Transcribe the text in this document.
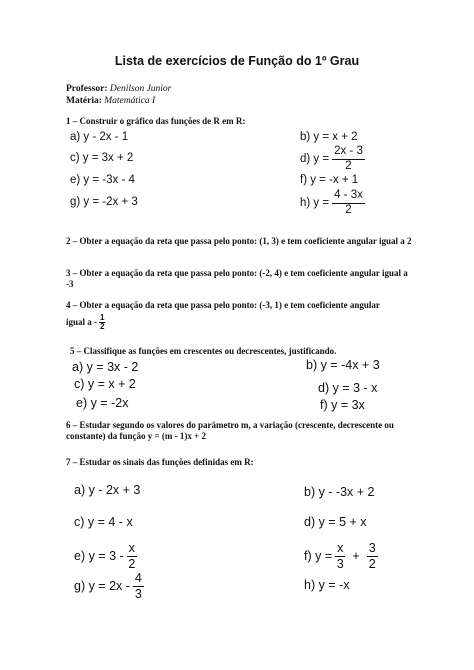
Lista de exercícios de Função do 1º Grau
Professor: Denilson Junior
Matéria: Matemática I
1 – Construir o gráfico das funções de R em R:
a) y - 2x - 1	b) y = x + 2
c) y = 3x + 2	d) $y = \frac{2x - 3}{2}$
e) y = -3x - 4	f) y = -x + 1
g) y = -2x + 3	h) $y = \frac{4 - 3x}{2}$
2 – Obter a equação da reta que passa pelo ponto: (1, 3) e tem coeficiente angular igual a 2
3 – Obter a equação da reta que passa pelo ponto: (-2, 4) e tem coeficiente angular igual a -3
4 – Obter a equação da reta que passa pelo ponto: (-3, 1) e tem coeficiente angular
igual a - $\frac{1}{2}$
5 – Classifique as funções em crescentes ou decrescentes, justificando.
a) y = 3x - 2	b) y = -4x + 3
c) y = x + 2	d) y = 3 - x
e) y = -2x	f) y = 3x
6 – Estudar segundo os valores do parâmetro m, a variação (crescente, decrescente ou constante) da função y = (m - 1)x + 2
7 – Estudar os sinais das funções definidas em R:
a) y - 2x + 3	b) y - -3x + 2
c) y = 4 - x	d) y = 5 + x
e) $y = 3 - \frac{x}{2}$	f) $y = \frac{x}{3} + \frac{3}{2}$
g) $y = 2x - \frac{4}{3}$	h) y = -x
